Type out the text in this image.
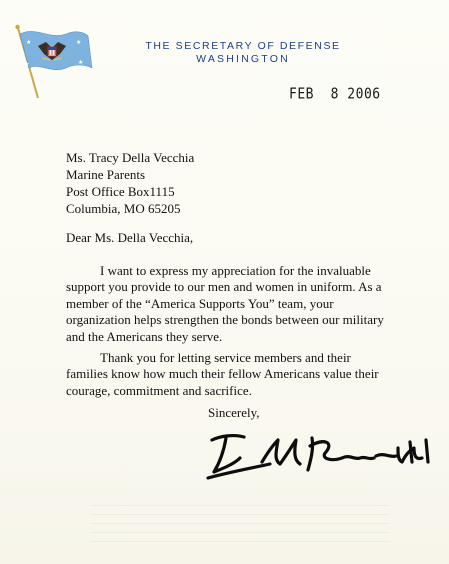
★
★
★
★
THE SECRETARY OF DEFENSE
WASHINGTON
FEB  8 2006
Ms. Tracy Della Vecchia
Marine Parents
Post Office Box1115
Columbia, MO 65205
Dear Ms. Della Vecchia,
I want to express my appreciation for the invaluable support you provide to our men and women in uniform. As a member of the “America Supports You” team, your organization helps strengthen the bonds between our military and the Americans they serve.
Thank you for letting service members and their families know how much their fellow Americans value their courage, commitment and sacrifice.
Sincerely,
